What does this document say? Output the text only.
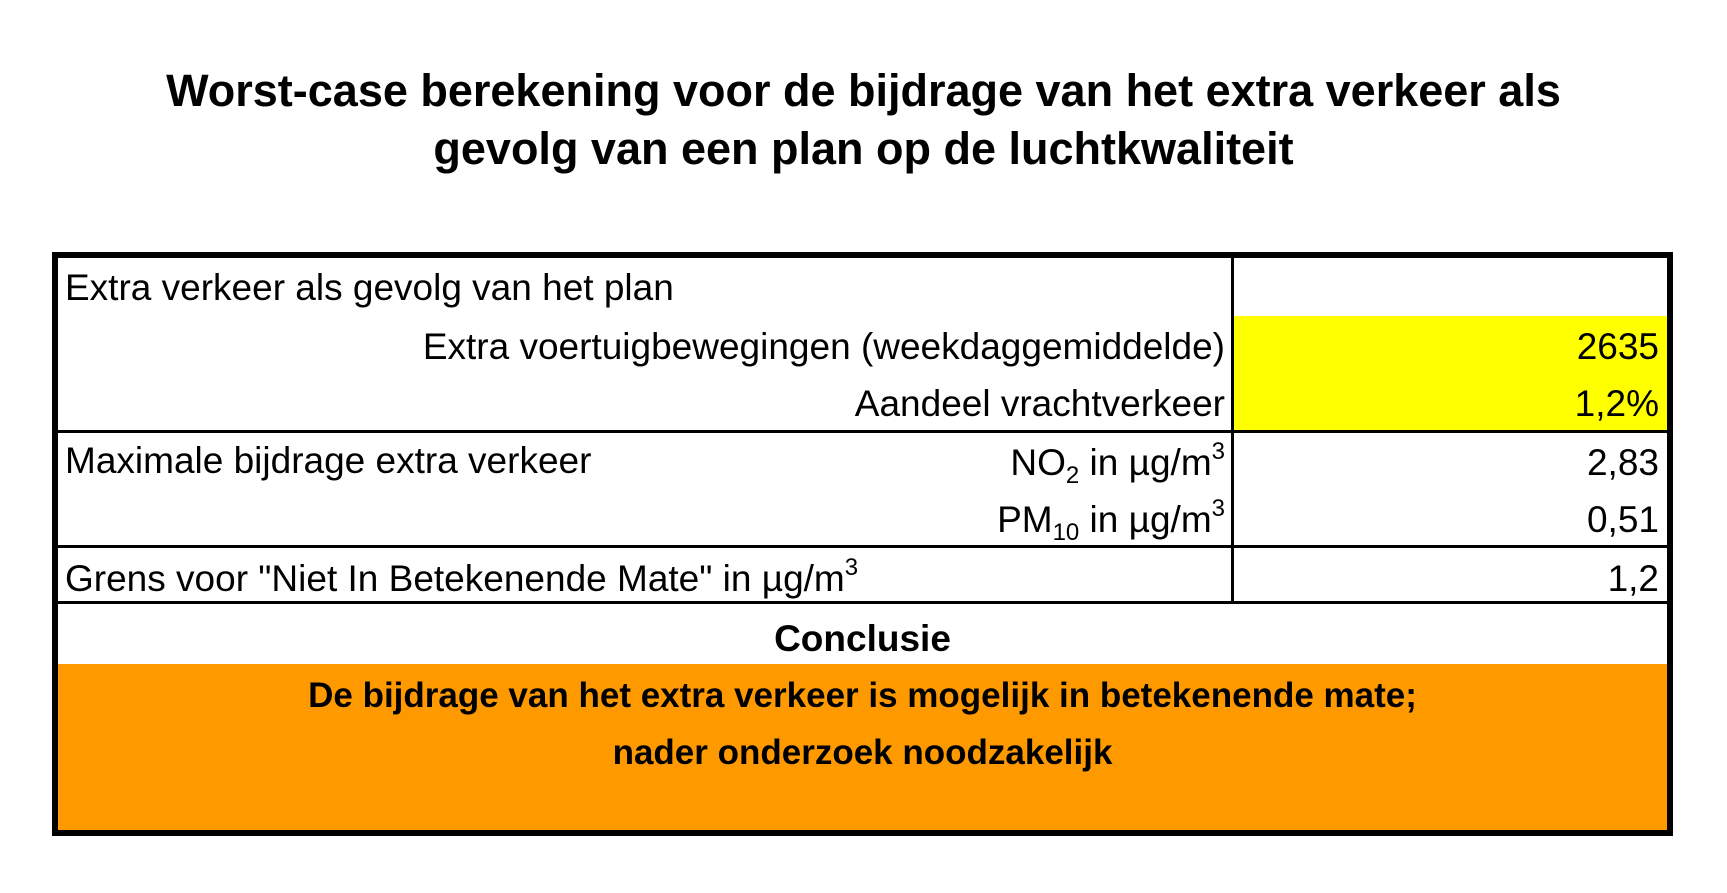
Worst-case berekening voor de bijdrage van het extra verkeer als
gevolg van een plan op de luchtkwaliteit
Extra verkeer als gevolg van het plan
Extra voertuigbewegingen (weekdaggemiddelde)	2635
Aandeel vrachtverkeer	1,2%
Maximale bijdrage extra verkeer	$NO_2$ in $\mu g/m^3$	2,83
$PM_{10}$ in $\mu g/m^3$	0,51
Grens voor "Niet In Betekenende Mate" in $\mu g/m^3$	1,2
Conclusie
De bijdrage van het extra verkeer is mogelijk in betekenende mate;
nader onderzoek noodzakelijk
